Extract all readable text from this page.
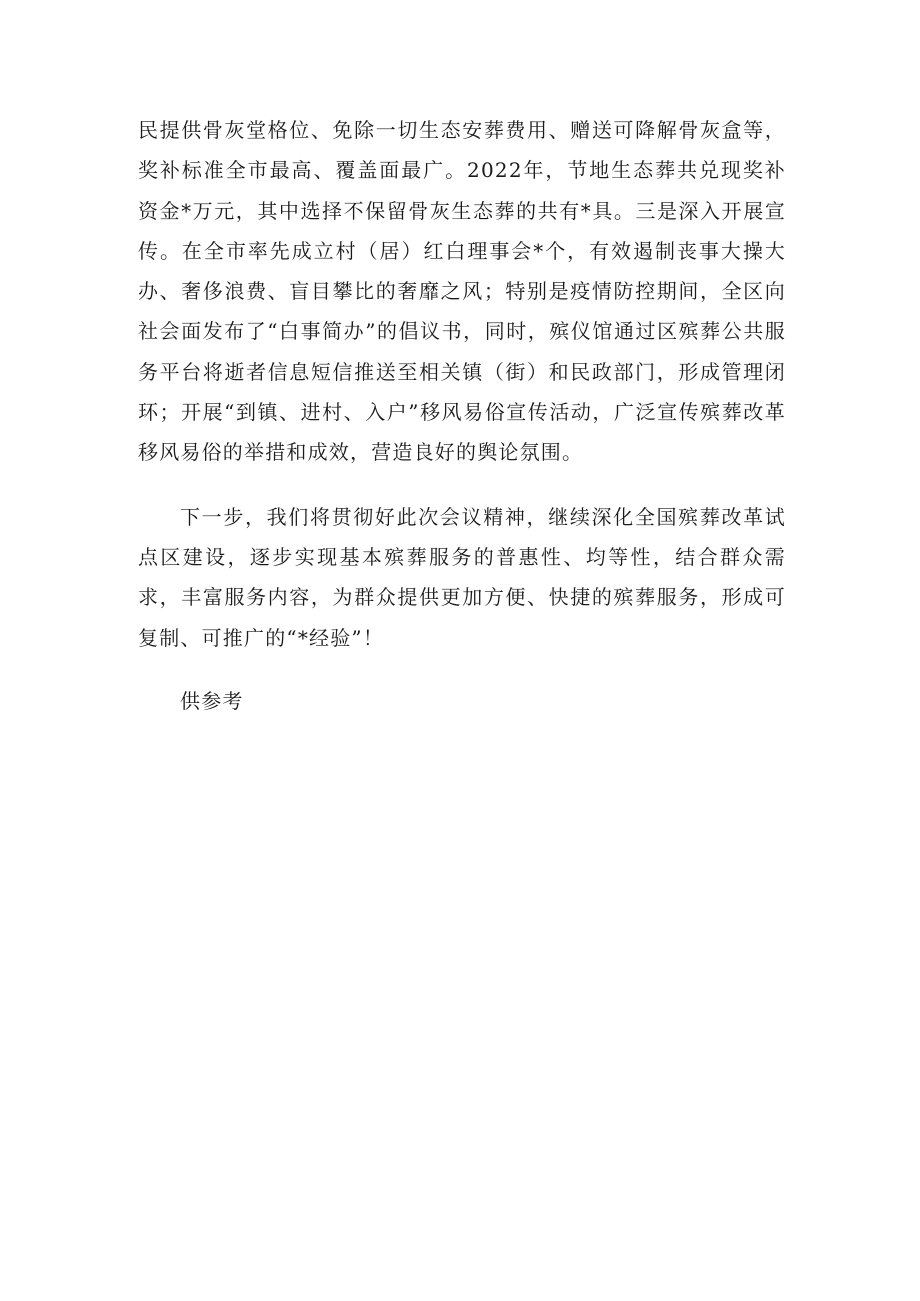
民提供骨灰堂格位、免除一切生态安葬费用、赠送可降解骨灰盒等，奖补标准全市最高、覆盖面最广。2022年，节地生态葬共兑现奖补资金*万元，其中选择不保留骨灰生态葬的共有*具。三是深入开展宣传。在全市率先成立村（居）红白理事会*个，有效遏制丧事大操大办、奢侈浪费、盲目攀比的奢靡之风；特别是疫情防控期间，全区向社会面发布了“白事简办”的倡议书，同时，殡仪馆通过区殡葬公共服务平台将逝者信息短信推送至相关镇（街）和民政部门，形成管理闭环；开展“到镇、进村、入户”移风易俗宣传活动，广泛宣传殡葬改革移风易俗的举措和成效，营造良好的舆论氛围。

下一步，我们将贯彻好此次会议精神，继续深化全国殡葬改革试点区建设，逐步实现基本殡葬服务的普惠性、均等性，结合群众需求，丰富服务内容，为群众提供更加方便、快捷的殡葬服务，形成可复制、可推广的“*经验”！

供参考
